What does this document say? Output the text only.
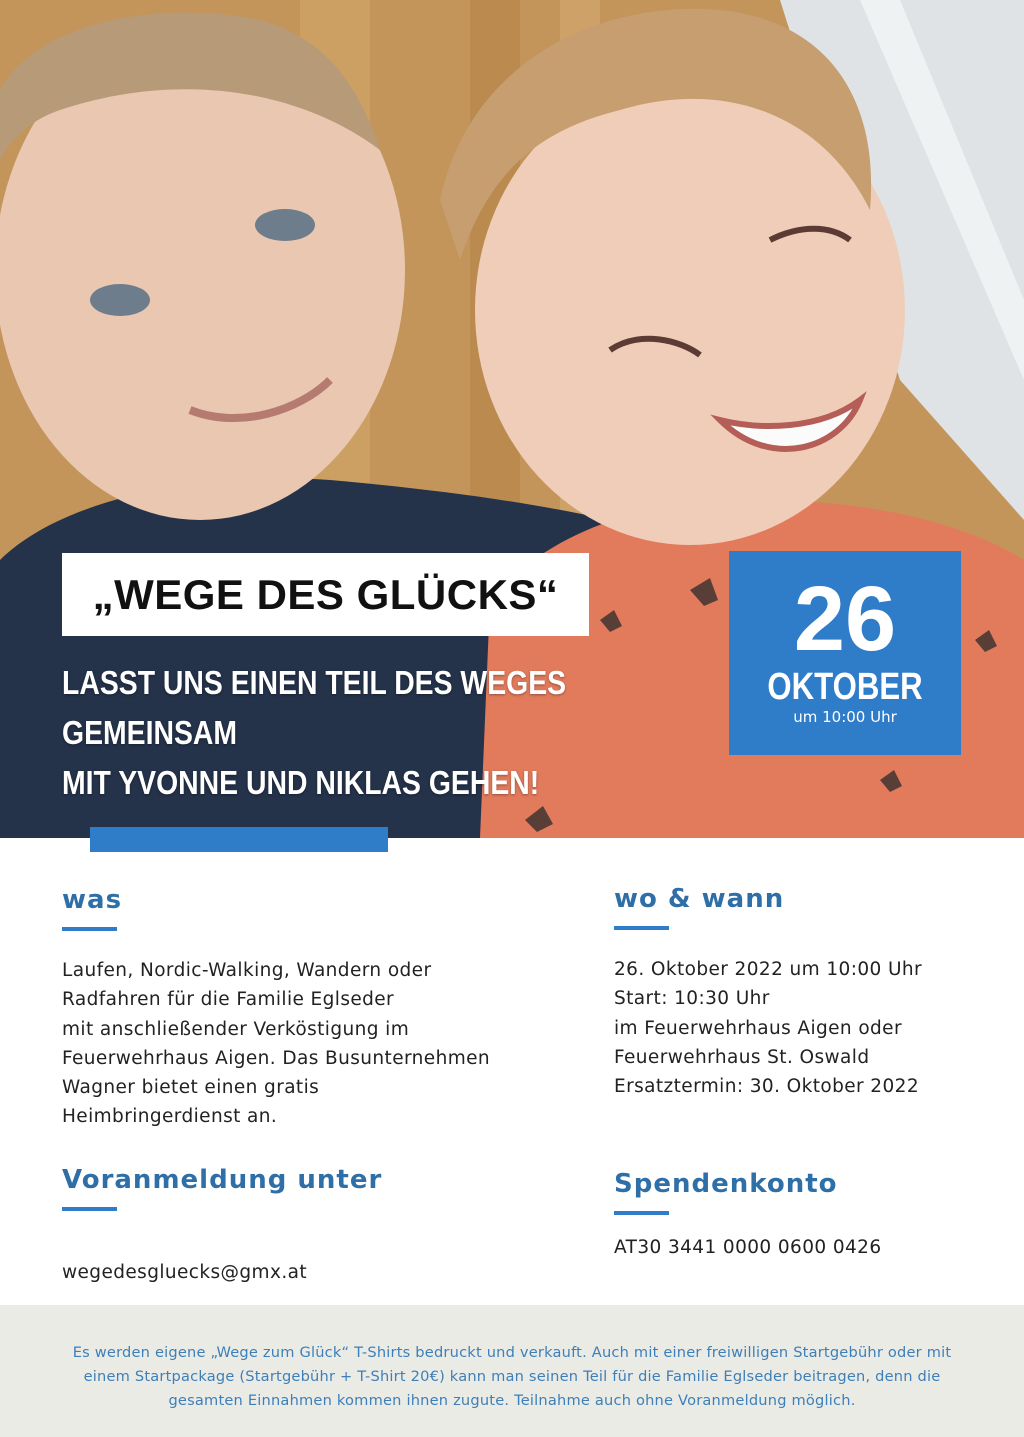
„WEGE DES GLÜCKS“
LASST UNS EINEN TEIL DES WEGES GEMEINSAM
MIT YVONNE UND NIKLAS GEHEN!
26
OKTOBER
um 10:00 Uhr
was
Laufen, Nordic-Walking, Wandern oder
Radfahren für die Familie Eglseder
mit anschließender Verköstigung im
Feuerwehrhaus Aigen. Das Busunternehmen
Wagner bietet einen gratis
Heimbringerdienst an.
wo & wann
26. Oktober 2022 um 10:00 Uhr
Start: 10:30 Uhr
im Feuerwehrhaus Aigen oder
Feuerwehrhaus St. Oswald
Ersatztermin: 30. Oktober 2022
Voranmeldung unter

wegedesgluecks@gmx.at

Spendenkonto
AT30 3441 0000 0600 0426
Es werden eigene „Wege zum Glück“ T-Shirts bedruckt und verkauft. Auch mit einer freiwilligen Startgebühr oder mit einem Startpackage (Startgebühr + T-Shirt 20€) kann man seinen Teil für die Familie Eglseder beitragen, denn die gesamten Einnahmen kommen ihnen zugute. Teilnahme auch ohne Voranmeldung möglich.
